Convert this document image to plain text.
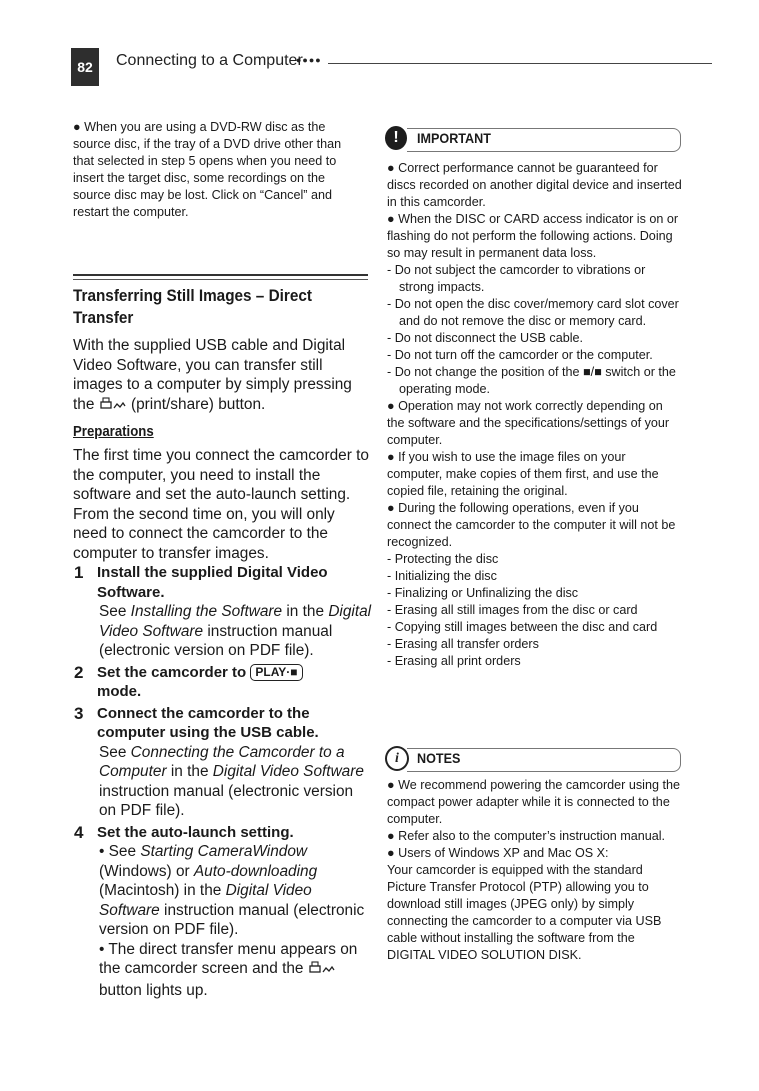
82	Connecting to a Computer
●●●●

● When you are using a DVD-RW disc as the source disc, if the tray of a DVD drive other than that selected in step 5 opens when you need to insert the target disc, some recordings on the source disc may be lost. Click on “Cancel” and restart the computer.

Transferring Still Images – Direct Transfer

With the supplied USB cable and Digital Video Software, you can transfer still images to a computer by simply pressing the (print/share) button.

Preparations

The first time you connect the camcorder to the computer, you need to install the software and set the auto-launch setting. From the second time on, you will only need to connect the camcorder to the computer to transfer images.

1 Install the supplied Digital Video Software.
See Installing the Software in the Digital Video Software instruction manual (electronic version on PDF file).
2 Set the camcorder to PLAY·■
mode.
3 Connect the camcorder to the computer using the USB cable.
See Connecting the Camcorder to a Computer in the Digital Video Software instruction manual (electronic version on PDF file).
4 Set the auto-launch setting.
• See Starting CameraWindow (Windows) or Auto-downloading (Macintosh) in the Digital Video Software instruction manual (electronic version on PDF file).
• The direct transfer menu appears on the camcorder screen and the
button lights up.
!	IMPORTANT

● Correct performance cannot be guaranteed for discs recorded on another digital device and inserted in this camcorder.

● When the DISC or CARD access indicator is on or flashing do not perform the following actions. Doing so may result in permanent data loss.

- Do not subject the camcorder to vibrations or strong impacts.

- Do not open the disc cover/memory card slot cover and do not remove the disc or memory card.

- Do not disconnect the USB cable.

- Do not turn off the camcorder or the computer.

- Do not change the position of the ■/■ switch or the operating mode.

● Operation may not work correctly depending on the software and the specifications/settings of your computer.

● If you wish to use the image files on your computer, make copies of them first, and use the copied file, retaining the original.

● During the following operations, even if you connect the camcorder to the computer it will not be recognized.

- Protecting the disc

- Initializing the disc

- Finalizing or Unfinalizing the disc

- Erasing all still images from the disc or card

- Copying still images between the disc and card

- Erasing all transfer orders

- Erasing all print orders

i	NOTES

● We recommend powering the camcorder using the compact power adapter while it is connected to the computer.

● Refer also to the computer’s instruction manual.

● Users of Windows XP and Mac OS X:

Your camcorder is equipped with the standard Picture Transfer Protocol (PTP) allowing you to download still images (JPEG only) by simply connecting the camcorder to a computer via USB cable without installing the software from the DIGITAL VIDEO SOLUTION DISK.
